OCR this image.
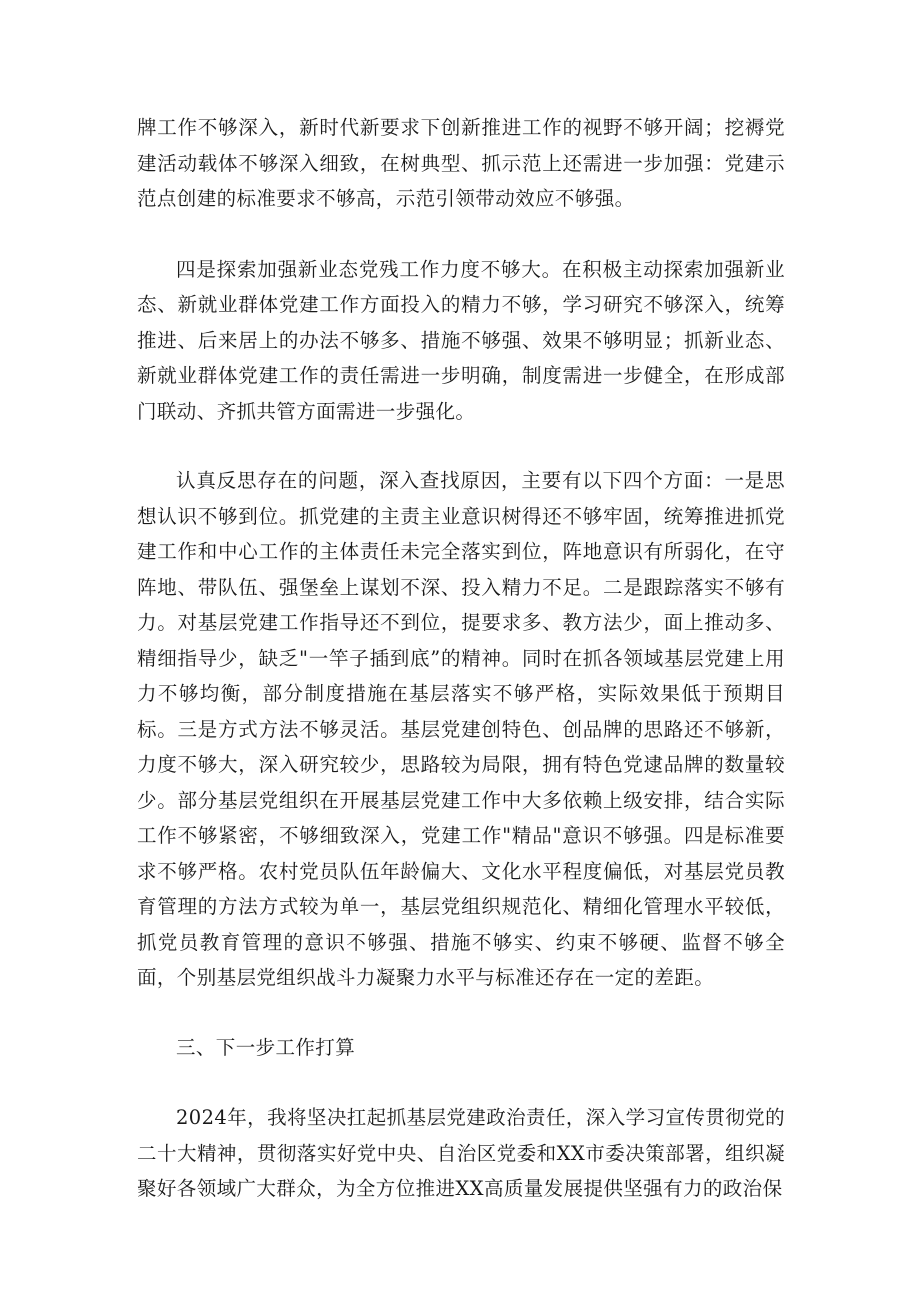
牌工作不够深入，新时代新要求下创新推进工作的视野不够开阔；挖褥党建活动载体不够深入细致，在树典型、抓示范上还需进一步加强：党建示范点创建的标准要求不够高，示范引领带动效应不够强。

四是探索加强新业态党残工作力度不够大。在积极主动探索加强新业态、新就业群体党建工作方面投入的精力不够，学习研究不够深入，统筹推进、后来居上的办法不够多、措施不够强、效果不够明显；抓新业态、新就业群体党建工作的责任需进一步明确，制度需进一步健全，在形成部门联动、齐抓共管方面需进一步强化。

认真反思存在的问题，深入查找原因，主要有以下四个方面：一是思想认识不够到位。抓党建的主责主业意识树得还不够牢固，统筹推进抓党建工作和中心工作的主体责任未完全落实到位，阵地意识有所弱化，在守阵地、带队伍、强堡垒上谋划不深、投入精力不足。二是跟踪落实不够有力。对基层党建工作指导还不到位，提要求多、教方法少，面上推动多、精细指导少，缺乏"一竿子插到底”的精神。同时在抓各领域基层党建上用力不够均衡，部分制度措施在基层落实不够严格，实际效果低于预期目标。三是方式方法不够灵活。基层党建创特色、创品牌的思路还不够新，力度不够大，深入研究较少，思路较为局限，拥有特色党逮品牌的数量较少。部分基层党组织在开展基层党建工作中大多依赖上级安排，结合实际工作不够紧密，不够细致深入，党建工作"精品"意识不够强。四是标准要求不够严格。农村党员队伍年龄偏大、文化水平程度偏低，对基层党员教育管理的方法方式较为单一，基层党组织规范化、精细化管理水平较低，抓党员教育管理的意识不够强、措施不够实、约束不够硬、监督不够全面，个别基层党组织战斗力凝聚力水平与标准还存在一定的差距。

三、下一步工作打算

2024年，我将坚决扛起抓基层党建政治责任，深入学习宣传贯彻党的二十大精神，贯彻落实好党中央、自治区党委和XX市委决策部署，组织凝聚好各领域广大群众，为全方位推进XX高质量发展提供坚强有力的政治保
